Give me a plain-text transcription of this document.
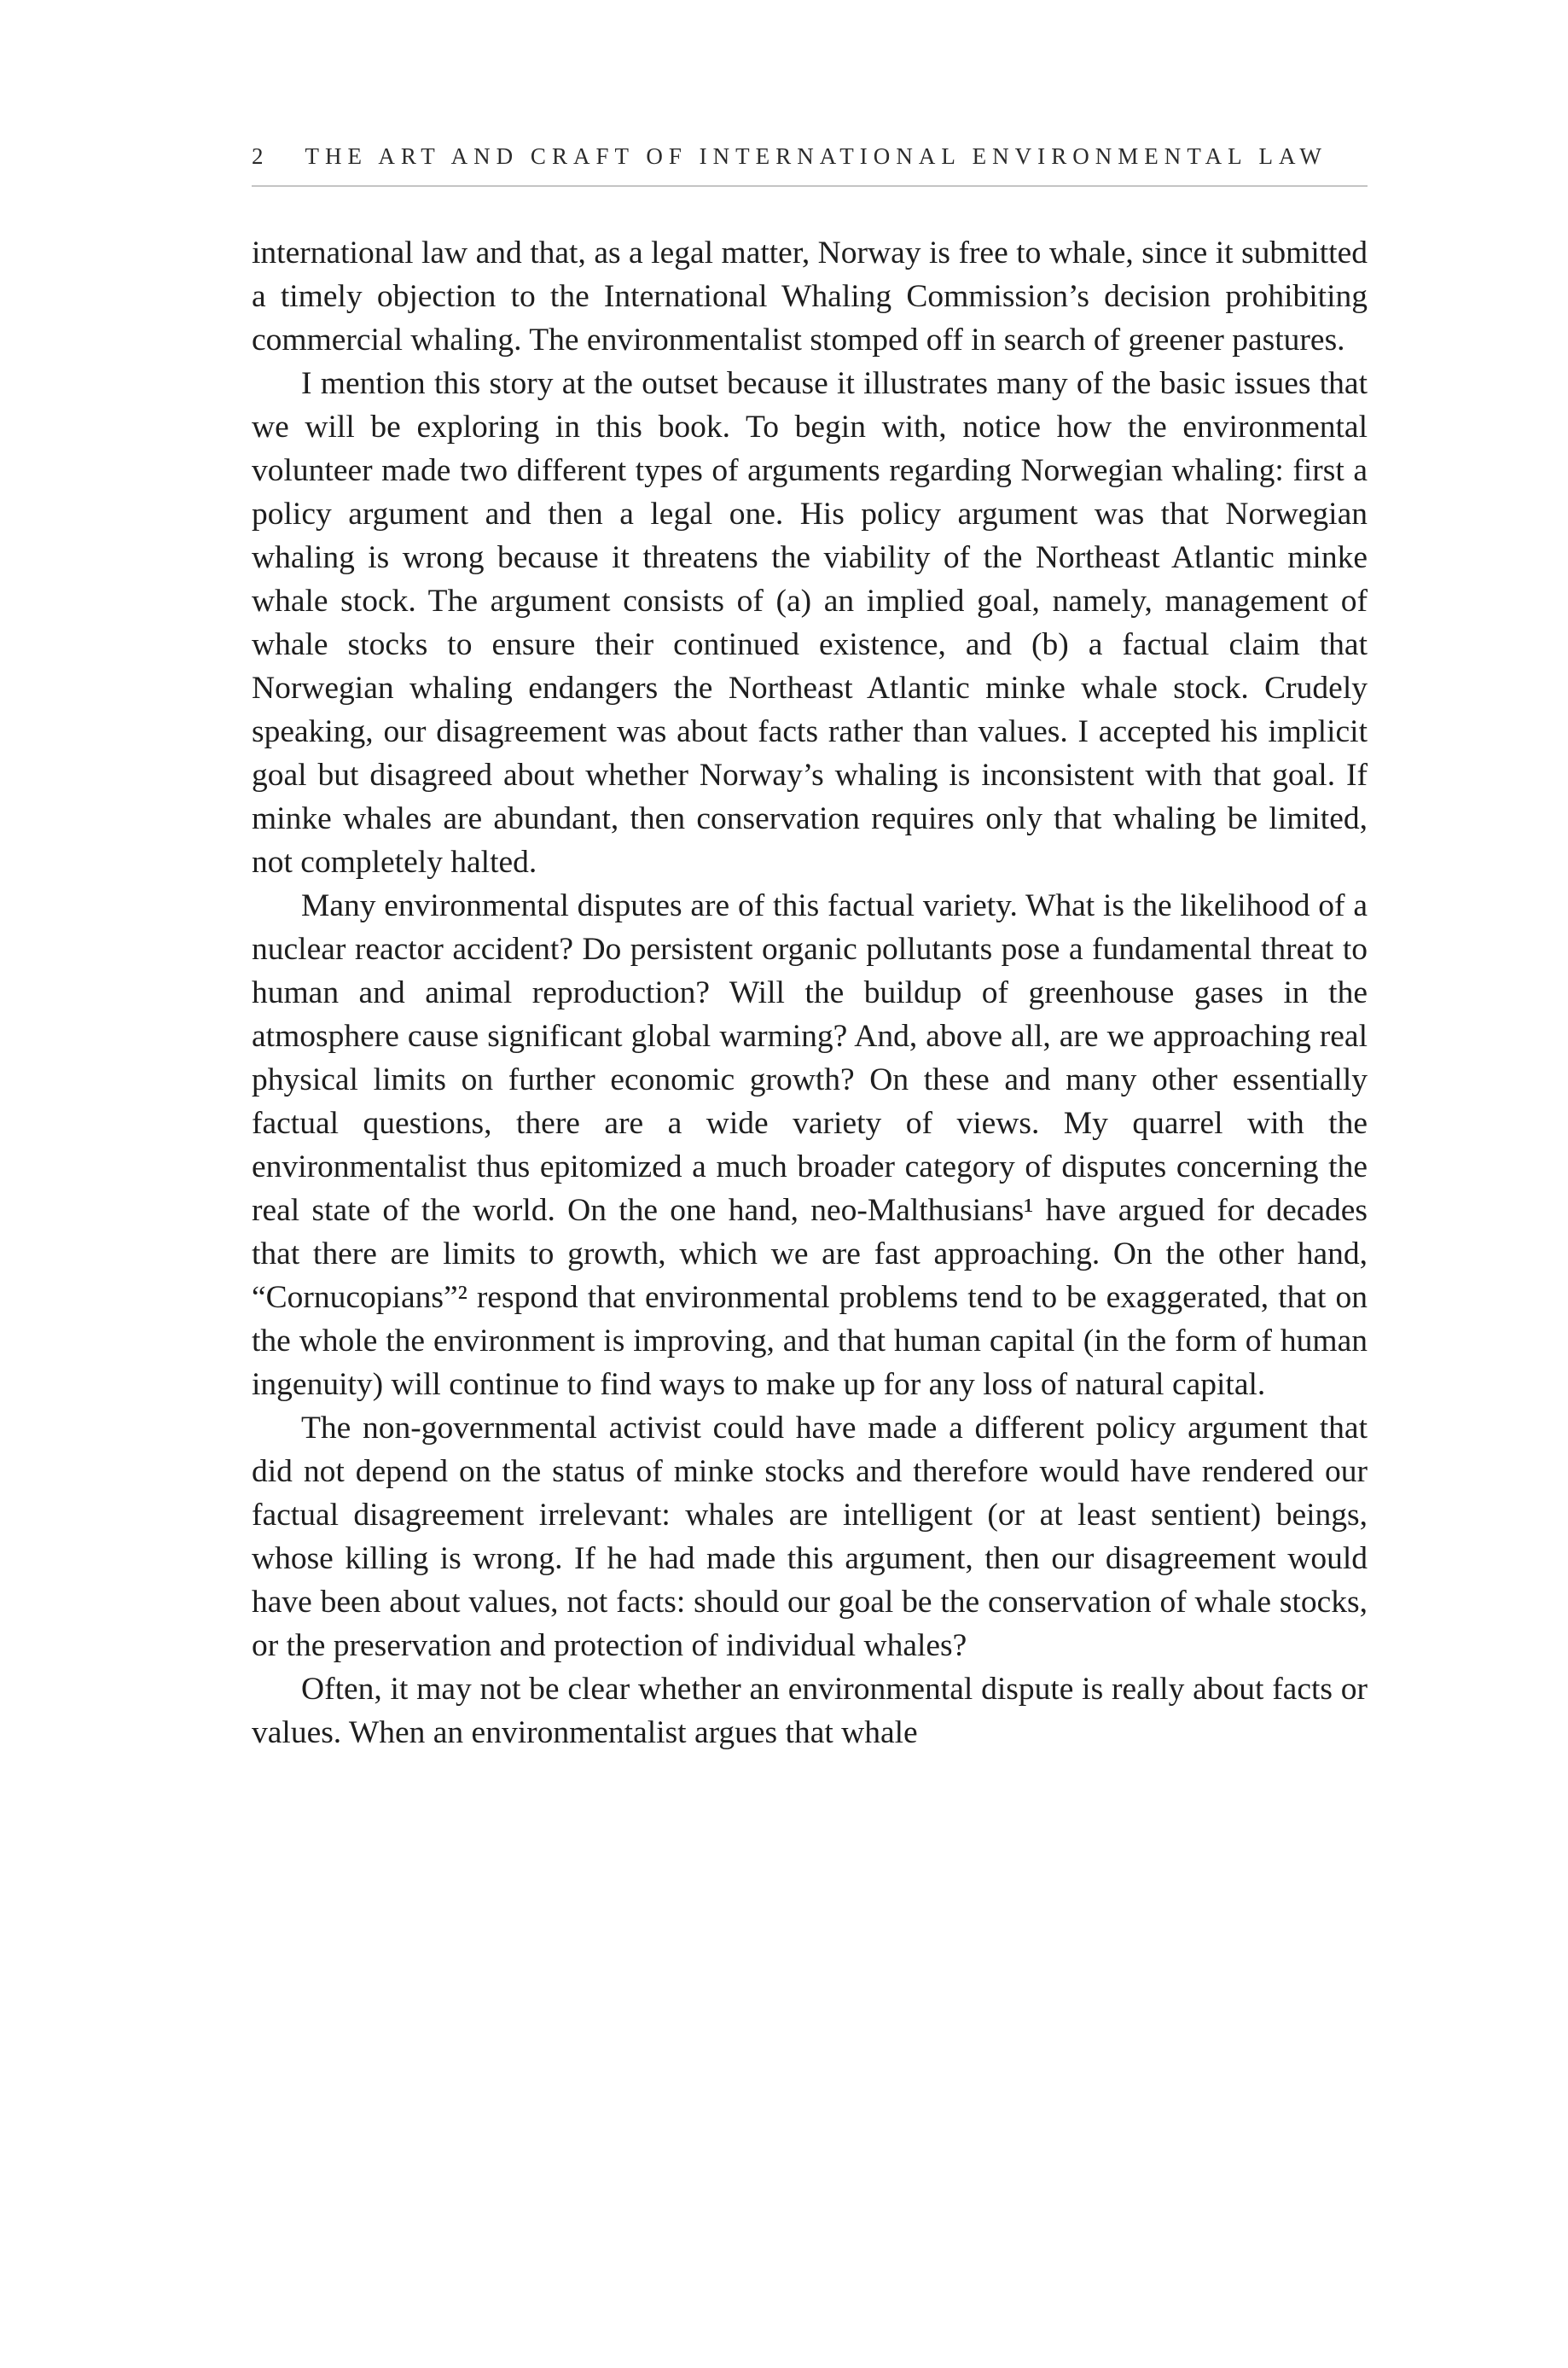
2 THE ART AND CRAFT OF INTERNATIONAL ENVIRONMENTAL LAW

international law and that, as a legal matter, Norway is free to whale, since it submitted a timely objection to the International Whaling Commission’s decision prohibiting commercial whaling. The environmentalist stomped off in search of greener pastures.

I mention this story at the outset because it illustrates many of the basic issues that we will be exploring in this book. To begin with, notice how the environmental volunteer made two different types of arguments regarding Norwegian whaling: first a policy argument and then a legal one. His policy argument was that Norwegian whaling is wrong because it threatens the viability of the Northeast Atlantic minke whale stock. The argument consists of (a) an implied goal, namely, management of whale stocks to ensure their continued existence, and (b) a factual claim that Norwegian whaling endangers the Northeast Atlantic minke whale stock. Crudely speaking, our disagreement was about facts rather than values. I accepted his implicit goal but disagreed about whether Norway’s whaling is inconsistent with that goal. If minke whales are abundant, then conservation requires only that whaling be limited, not completely halted.

Many environmental disputes are of this factual variety. What is the likelihood of a nuclear reactor accident? Do persistent organic pollutants pose a fundamental threat to human and animal reproduction? Will the buildup of greenhouse gases in the atmosphere cause significant global warming? And, above all, are we approaching real physical limits on further economic growth? On these and many other essentially factual questions, there are a wide variety of views. My quarrel with the environmentalist thus epitomized a much broader category of disputes concerning the real state of the world. On the one hand, neo-Malthusians¹ have argued for decades that there are limits to growth, which we are fast approaching. On the other hand, “Cornucopians”² respond that environmental problems tend to be exaggerated, that on the whole the environment is improving, and that human capital (in the form of human ingenuity) will continue to find ways to make up for any loss of natural capital.

The non-governmental activist could have made a different policy argument that did not depend on the status of minke stocks and therefore would have rendered our factual disagreement irrelevant: whales are intelligent (or at least sentient) beings, whose killing is wrong. If he had made this argument, then our disagreement would have been about values, not facts: should our goal be the conservation of whale stocks, or the preservation and protection of individual whales?

Often, it may not be clear whether an environmental dispute is really about facts or values. When an environmentalist argues that whale
